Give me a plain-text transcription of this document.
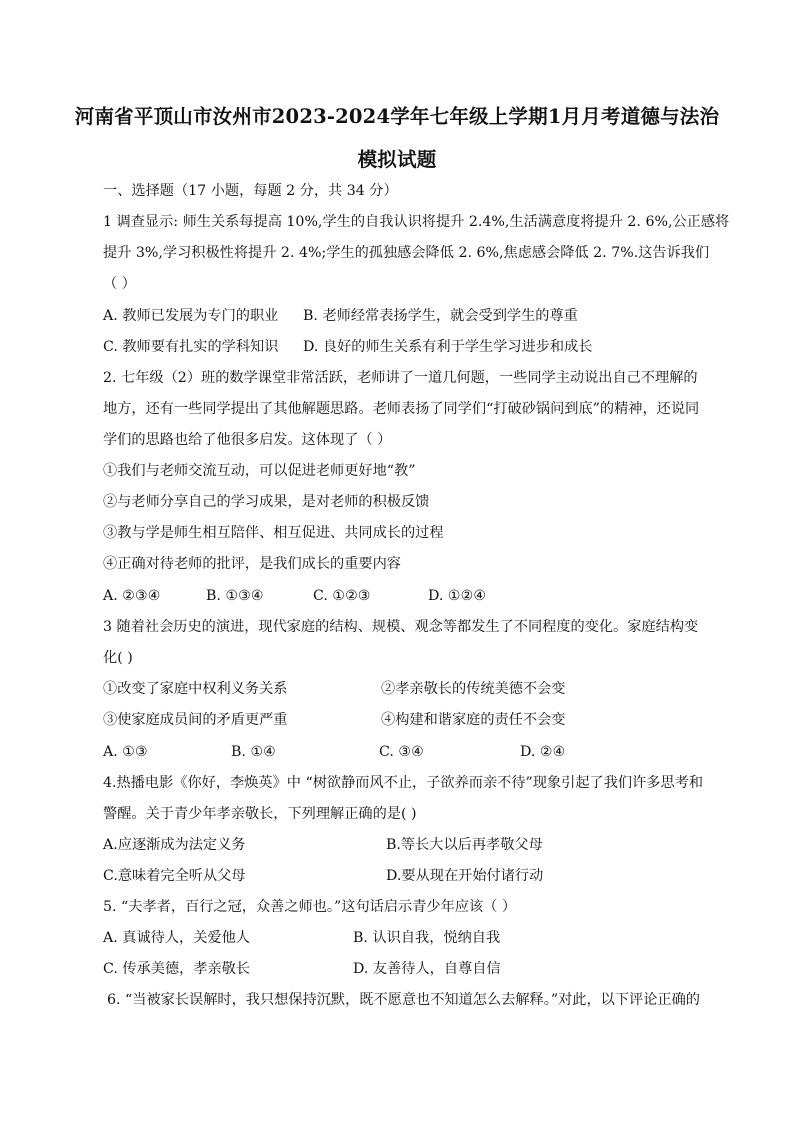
河南省平顶山市汝州市2023-2024学年七年级上学期1月月考道德与法治
模拟试题
一、选择题（17 小题，每题 2 分，共 34 分）
1 调查显示: 师生关系每提高 10%,学生的自我认识将提升 2.4%,生活满意度将提升 2. 6%,公正感将
提升 3%,学习积极性将提升 2. 4%;学生的孤独感会降低 2. 6%,焦虑感会降低 2. 7%.这告诉我们
（ ）
A. 教师已发展为专门的职业 B. 老师经常表扬学生，就会受到学生的尊重
C. 教师要有扎实的学科知识 D. 良好的师生关系有利于学生学习进步和成长
2. 七年级（2）班的数学课堂非常活跃，老师讲了一道几何题，一些同学主动说出自己不理解的
地方，还有一些同学提出了其他解题思路。老师表扬了同学们“打破砂锅问到底”的精神，还说同
学们的思路也给了他很多启发。这体现了（ ）
①我们与老师交流互动，可以促进老师更好地“教”
②与老师分享自己的学习成果，是对老师的积极反馈
③教与学是师生相互陪伴、相互促进、共同成长的过程
④正确对待老师的批评，是我们成长的重要内容
A. ②③④	B. ①③④	C. ①②③	D. ①②④
3 随着社会历史的演进，现代家庭的结构、规模、观念等都发生了不同程度的变化。家庭结构变
化( )
①改变了家庭中权利义务关系	②孝亲敬长的传统美德不会变
③使家庭成员间的矛盾更严重	④构建和谐家庭的责任不会变
A. ①③	B. ①④	C. ③④	D. ②④
4.热播电影《你好，李焕英》中 “树欲静而风不止，子欲养而亲不待”现象引起了我们许多思考和
警醒。关于青少年孝亲敬长，下列理解正确的是( )
A.应逐渐成为法定义务	B.等长大以后再孝敬父母
C.意味着完全听从父母	D.要从现在开始付诸行动
5. “夫孝者，百行之冠，众善之师也。”这句话启示青少年应该（ ）
A. 真诚待人，关爱他人	B. 认识自我，悦纳自我
C. 传承美德，孝亲敬长	D. 友善待人，自尊自信
6. “当被家长误解时，我只想保持沉默，既不愿意也不知道怎么去解释。”对此，以下评论正确的
